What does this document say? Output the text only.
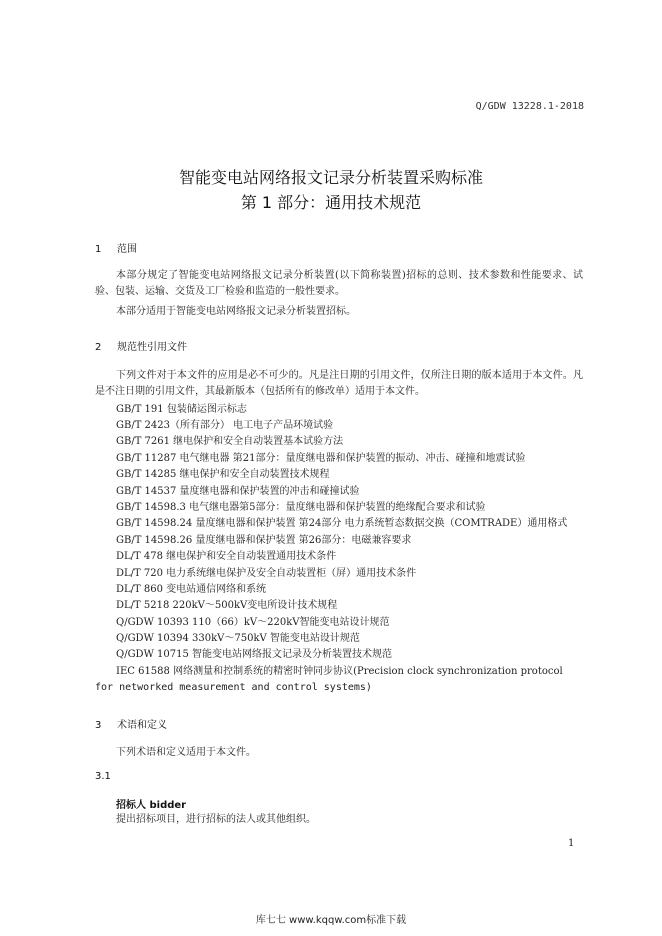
Q/GDW 13228.1-2018
智能变电站网络报文记录分析装置采购标准
第 1 部分：通用技术规范
1 范围
本部分规定了智能变电站网络报文记录分析装置(以下简称装置)招标的总则、技术参数和性能要求、试验、包装、运输、交货及工厂检验和监造的一般性要求。
本部分适用于智能变电站网络报文记录分析装置招标。
2 规范性引用文件
下列文件对于本文件的应用是必不可少的。凡是注日期的引用文件，仅所注日期的版本适用于本文件。凡是不注日期的引用文件，其最新版本（包括所有的修改单）适用于本文件。
GB/T 191 包装储运图示标志
GB/T 2423（所有部分） 电工电子产品环境试验
GB/T 7261 继电保护和安全自动装置基本试验方法
GB/T 11287 电气继电器 第21部分：量度继电器和保护装置的振动、冲击、碰撞和地震试验
GB/T 14285 继电保护和安全自动装置技术规程
GB/T 14537 量度继电器和保护装置的冲击和碰撞试验
GB/T 14598.3 电气继电器第5部分：量度继电器和保护装置的绝缘配合要求和试验
GB/T 14598.24 量度继电器和保护装置 第24部分 电力系统暂态数据交换（COMTRADE）通用格式
GB/T 14598.26 量度继电器和保护装置 第26部分：电磁兼容要求
DL/T 478 继电保护和安全自动装置通用技术条件
DL/T 720 电力系统继电保护及安全自动装置柜（屏）通用技术条件
DL/T 860 变电站通信网络和系统
DL/T 5218 220kV～500kV变电所设计技术规程
Q/GDW 10393 110（66）kV～220kV智能变电站设计规范
Q/GDW 10394 330kV～750kV 智能变电站设计规范
Q/GDW 10715 智能变电站网络报文记录及分析装置技术规范
IEC 61588 网络测量和控制系统的精密时钟同步协议(Precision clock synchronization protocol
for networked measurement and control systems)
3 术语和定义
下列术语和定义适用于本文件。
3.1
招标人 bidder
提出招标项目，进行招标的法人或其他组织。
1
库七七 www.kqqw.com标准下载
